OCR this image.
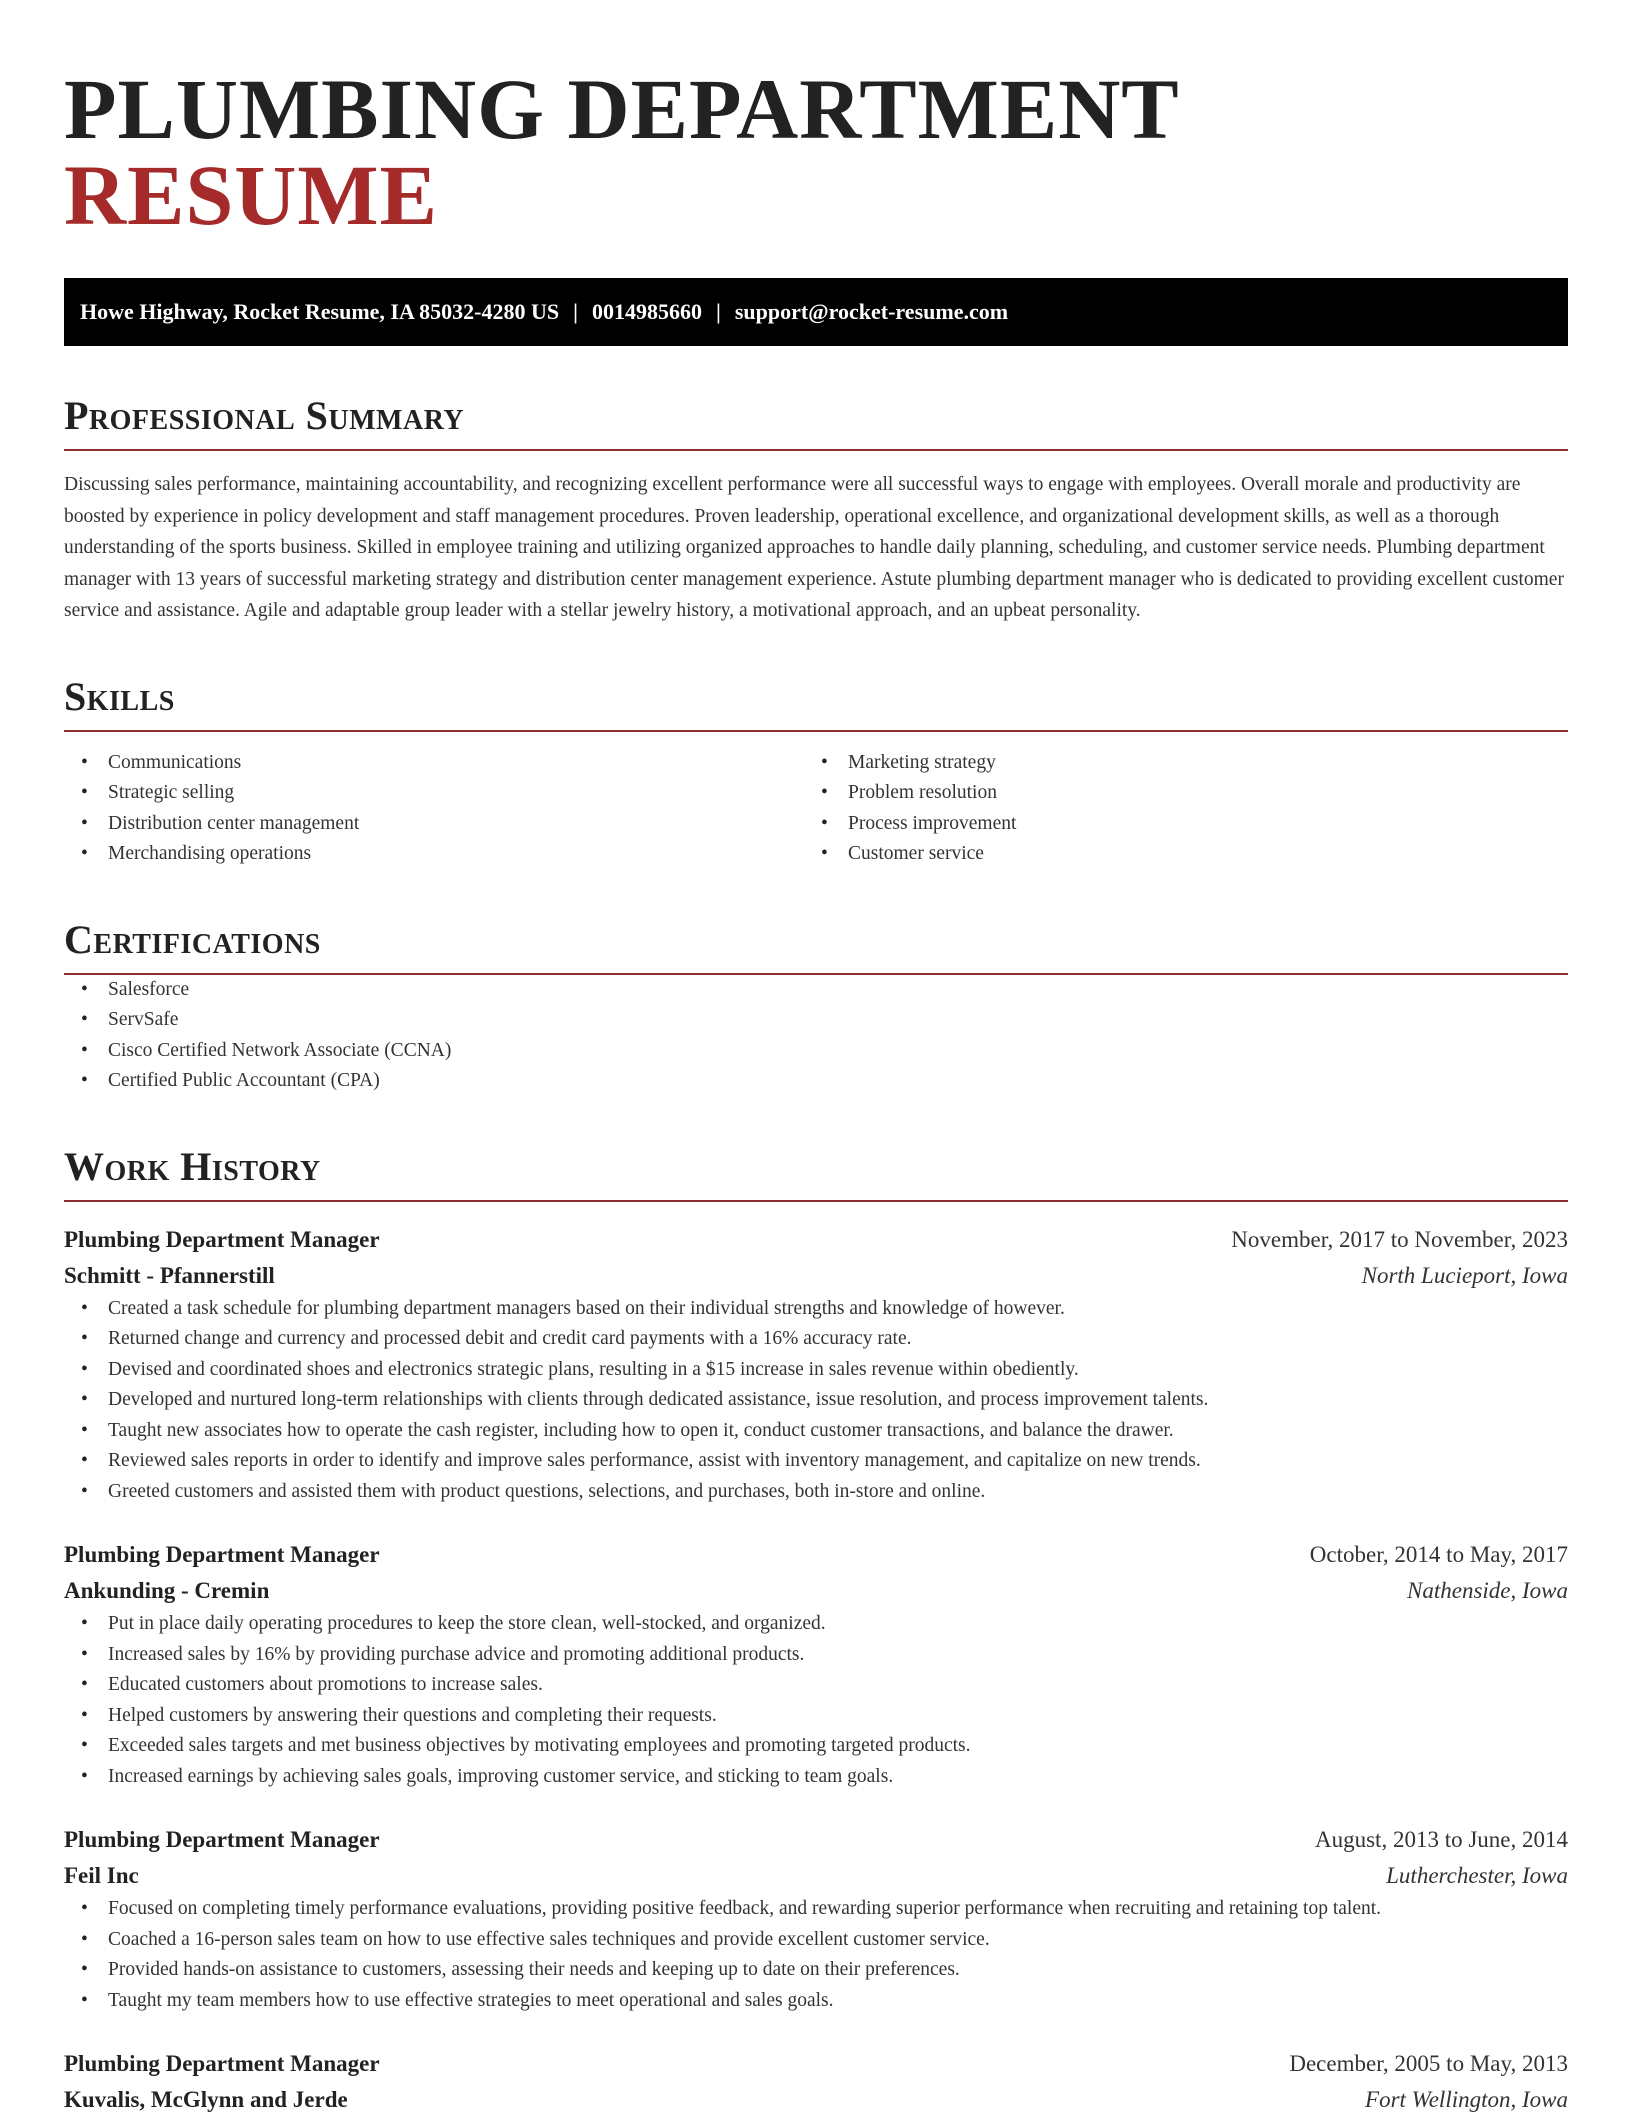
PLUMBING DEPARTMENT RESUME
Howe Highway, Rocket Resume, IA 85032-4280 US | 0014985660 | support@rocket-resume.com
Professional Summary

Discussing sales performance, maintaining accountability, and recognizing excellent performance were all successful ways to engage with employees. Overall morale and productivity are boosted by experience in policy development and staff management procedures. Proven leadership, operational excellence, and organizational development skills, as well as a thorough understanding of the sports business. Skilled in employee training and utilizing organized approaches to handle daily planning, scheduling, and customer service needs. Plumbing department manager with 13 years of successful marketing strategy and distribution center management experience. Astute plumbing department manager who is dedicated to providing excellent customer service and assistance. Agile and adaptable group leader with a stellar jewelry history, a motivational approach, and an upbeat personality.

Skills
• Communications
• Strategic selling
• Distribution center management
• Merchandising operations
• Marketing strategy
• Problem resolution
• Process improvement
• Customer service
Certifications
• Salesforce
• ServSafe
• Cisco Certified Network Associate (CCNA)
• Certified Public Accountant (CPA)
Work History
Plumbing Department Manager	November, 2017 to November, 2023
Schmitt - Pfannerstill	North Lucieport, Iowa
• Created a task schedule for plumbing department managers based on their individual strengths and knowledge of however.
• Returned change and currency and processed debit and credit card payments with a 16% accuracy rate.
• Devised and coordinated shoes and electronics strategic plans, resulting in a $15 increase in sales revenue within obediently.
• Developed and nurtured long-term relationships with clients through dedicated assistance, issue resolution, and process improvement talents.
• Taught new associates how to operate the cash register, including how to open it, conduct customer transactions, and balance the drawer.
• Reviewed sales reports in order to identify and improve sales performance, assist with inventory management, and capitalize on new trends.
• Greeted customers and assisted them with product questions, selections, and purchases, both in-store and online.
Plumbing Department Manager	October, 2014 to May, 2017
Ankunding - Cremin	Nathenside, Iowa
• Put in place daily operating procedures to keep the store clean, well-stocked, and organized.
• Increased sales by 16% by providing purchase advice and promoting additional products.
• Educated customers about promotions to increase sales.
• Helped customers by answering their questions and completing their requests.
• Exceeded sales targets and met business objectives by motivating employees and promoting targeted products.
• Increased earnings by achieving sales goals, improving customer service, and sticking to team goals.
Plumbing Department Manager	August, 2013 to June, 2014
Feil Inc	Lutherchester, Iowa
• Focused on completing timely performance evaluations, providing positive feedback, and rewarding superior performance when recruiting and retaining top talent.
• Coached a 16-person sales team on how to use effective sales techniques and provide excellent customer service.
• Provided hands-on assistance to customers, assessing their needs and keeping up to date on their preferences.
• Taught my team members how to use effective strategies to meet operational and sales goals.
Plumbing Department Manager	December, 2005 to May, 2013
Kuvalis, McGlynn and Jerde	Fort Wellington, Iowa
